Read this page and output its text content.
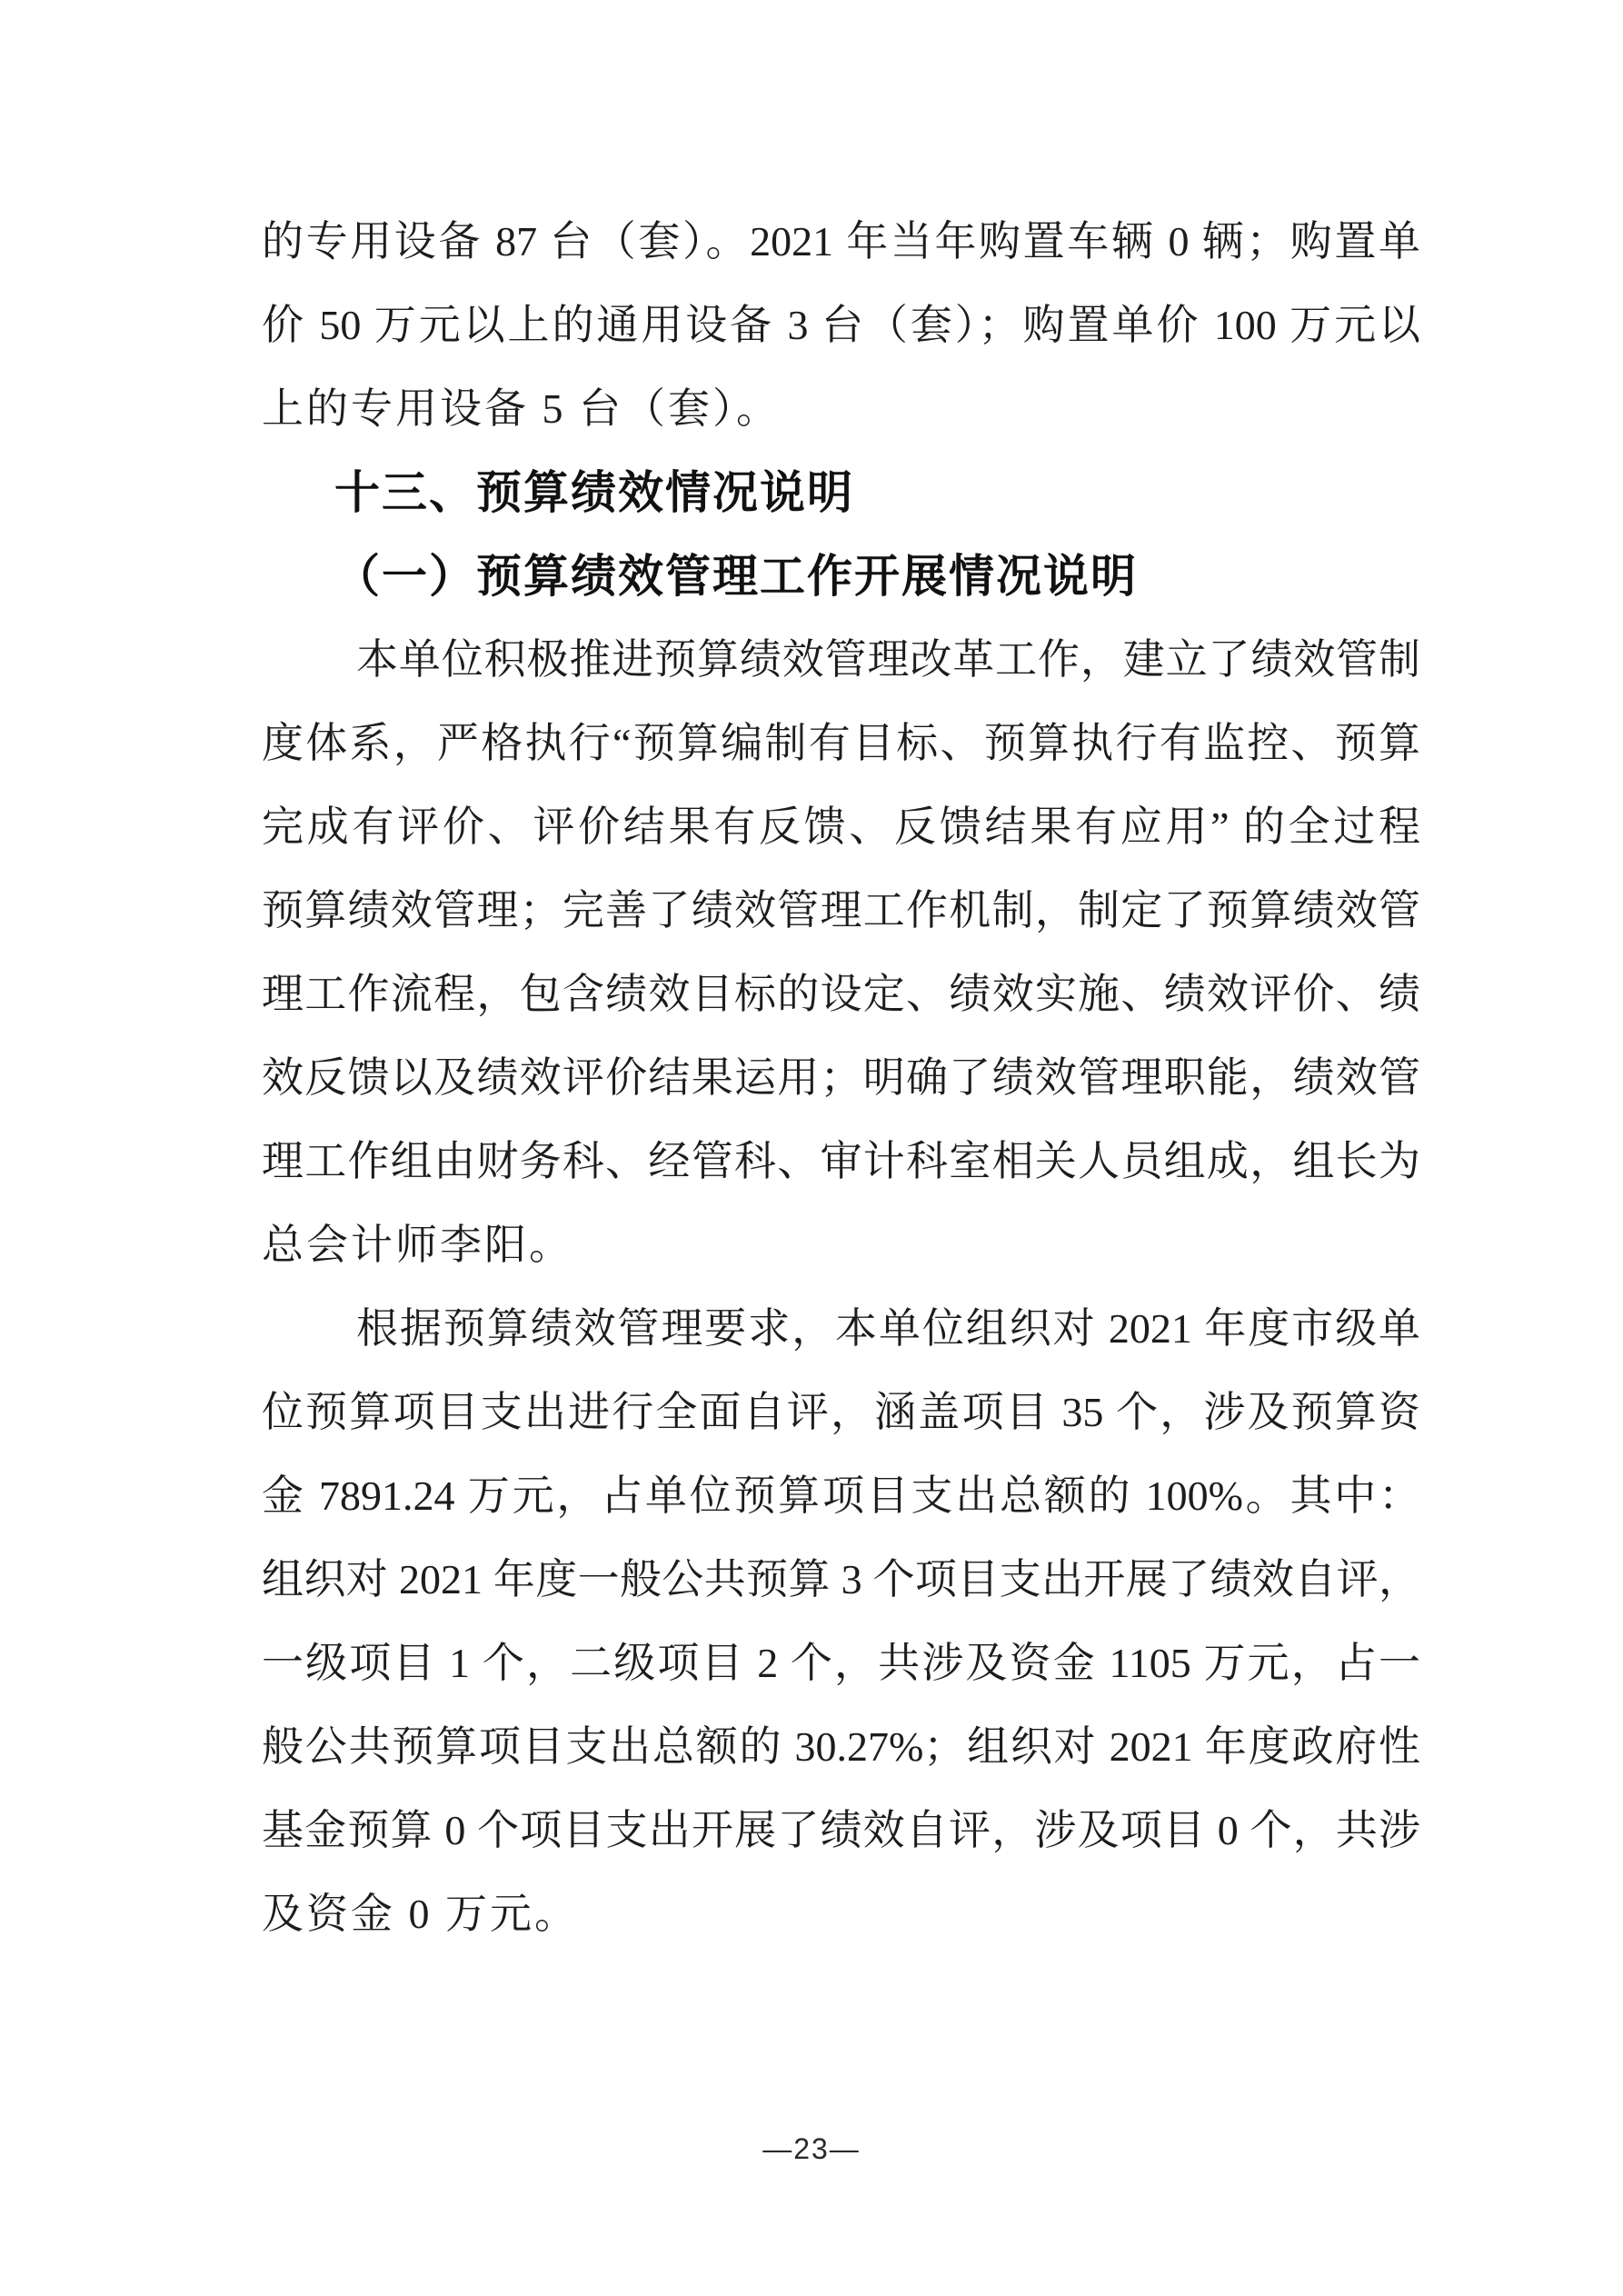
的专用设备 87 台（套）。2021 年当年购置车辆 0 辆；购置单
价 50 万元以上的通用设备 3 台（套）；购置单价 100 万元以
上的专用设备 5 台（套）。
十三、预算绩效情况说明
（一）预算绩效管理工作开展情况说明
本单位积极推进预算绩效管理改革工作，建立了绩效管制
度体系，严格执行“预算编制有目标、预算执行有监控、预算
完成有评价、评价结果有反馈、反馈结果有应用” 的全过程
预算绩效管理；完善了绩效管理工作机制，制定了预算绩效管
理工作流程，包含绩效目标的设定、绩效实施、绩效评价、绩
效反馈以及绩效评价结果运用；明确了绩效管理职能，绩效管
理工作组由财务科、经管科、审计科室相关人员组成，组长为
总会计师李阳。
根据预算绩效管理要求，本单位组织对 2021 年度市级单
位预算项目支出进行全面自评，涵盖项目 35 个，涉及预算资
金 7891.24 万元，占单位预算项目支出总额的 100%。其中：
组织对 2021 年度一般公共预算 3 个项目支出开展了绩效自评，
一级项目 1 个，二级项目 2 个，共涉及资金 1105 万元，占一
般公共预算项目支出总额的 30.27%；组织对 2021 年度政府性
基金预算 0 个项目支出开展了绩效自评，涉及项目 0 个，共涉
及资金 0 万元。
—23—
